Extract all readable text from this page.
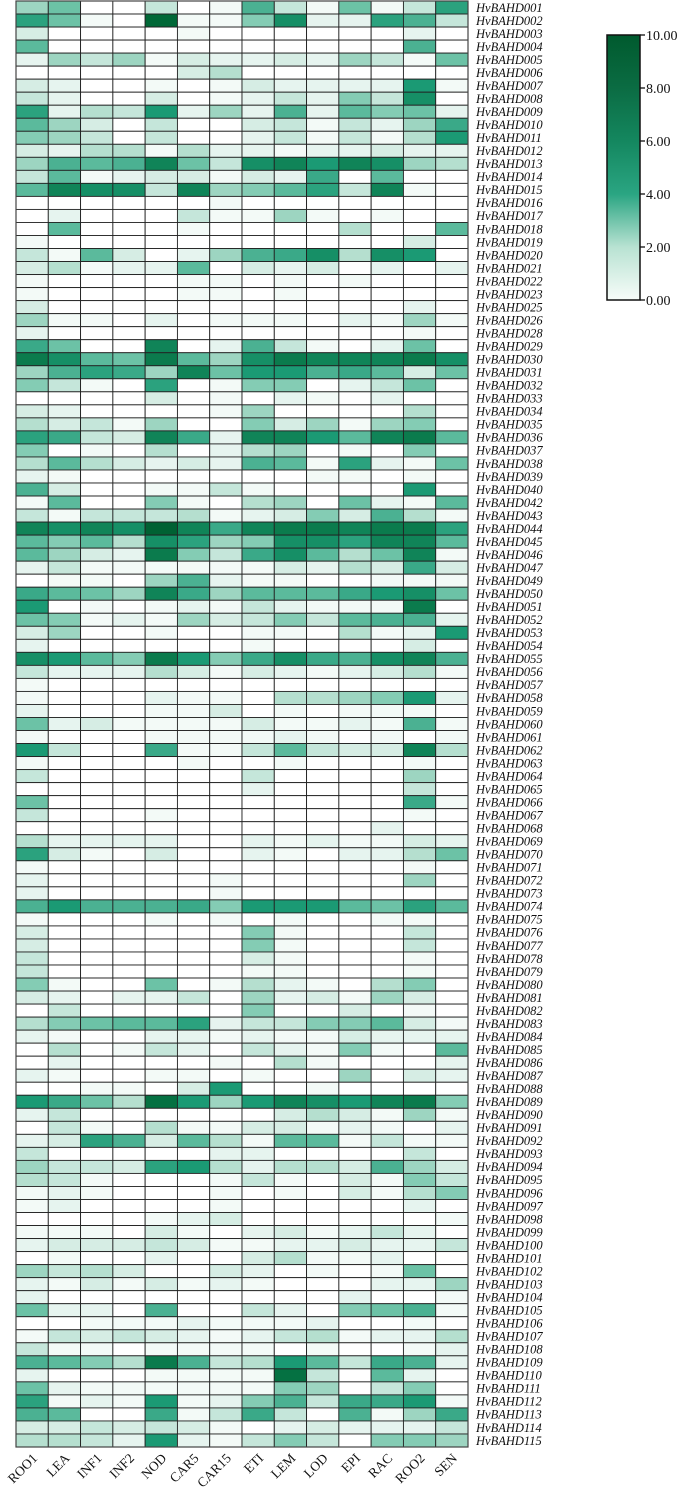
HvBAHD001
HvBAHD002
HvBAHD003
HvBAHD004
HvBAHD005
HvBAHD006
HvBAHD007
HvBAHD008
HvBAHD009
HvBAHD010
HvBAHD011
HvBAHD012
HvBAHD013
HvBAHD014
HvBAHD015
HvBAHD016
HvBAHD017
HvBAHD018
HvBAHD019
HvBAHD020
HvBAHD021
HvBAHD022
HvBAHD023
HvBAHD025
HvBAHD026
HvBAHD028
HvBAHD029
HvBAHD030
HvBAHD031
HvBAHD032
HvBAHD033
HvBAHD034
HvBAHD035
HvBAHD036
HvBAHD037
HvBAHD038
HvBAHD039
HvBAHD040
HvBAHD042
HvBAHD043
HvBAHD044
HvBAHD045
HvBAHD046
HvBAHD047
HvBAHD049
HvBAHD050
HvBAHD051
HvBAHD052
HvBAHD053
HvBAHD054
HvBAHD055
HvBAHD056
HvBAHD057
HvBAHD058
HvBAHD059
HvBAHD060
HvBAHD061
HvBAHD062
HvBAHD063
HvBAHD064
HvBAHD065
HvBAHD066
HvBAHD067
HvBAHD068
HvBAHD069
HvBAHD070
HvBAHD071
HvBAHD072
HvBAHD073
HvBAHD074
HvBAHD075
HvBAHD076
HvBAHD077
HvBAHD078
HvBAHD079
HvBAHD080
HvBAHD081
HvBAHD082
HvBAHD083
HvBAHD084
HvBAHD085
HvBAHD086
HvBAHD087
HvBAHD088
HvBAHD089
HvBAHD090
HvBAHD091
HvBAHD092
HvBAHD093
HvBAHD094
HvBAHD095
HvBAHD096
HvBAHD097
HvBAHD098
HvBAHD099
HvBAHD100
HvBAHD101
HvBAHD102
HvBAHD103
HvBAHD104
HvBAHD105
HvBAHD106
HvBAHD107
HvBAHD108
HvBAHD109
HvBAHD110
HvBAHD111
HvBAHD112
HvBAHD113
HvBAHD114
HvBAHD115
ROO1 LEA INF1 INF2 NOD
CAR5
CAR15 ETI LEM LOD EPI RAC
ROO2 SEN
0.00
2.00
4.00
6.00
8.00
10.00
